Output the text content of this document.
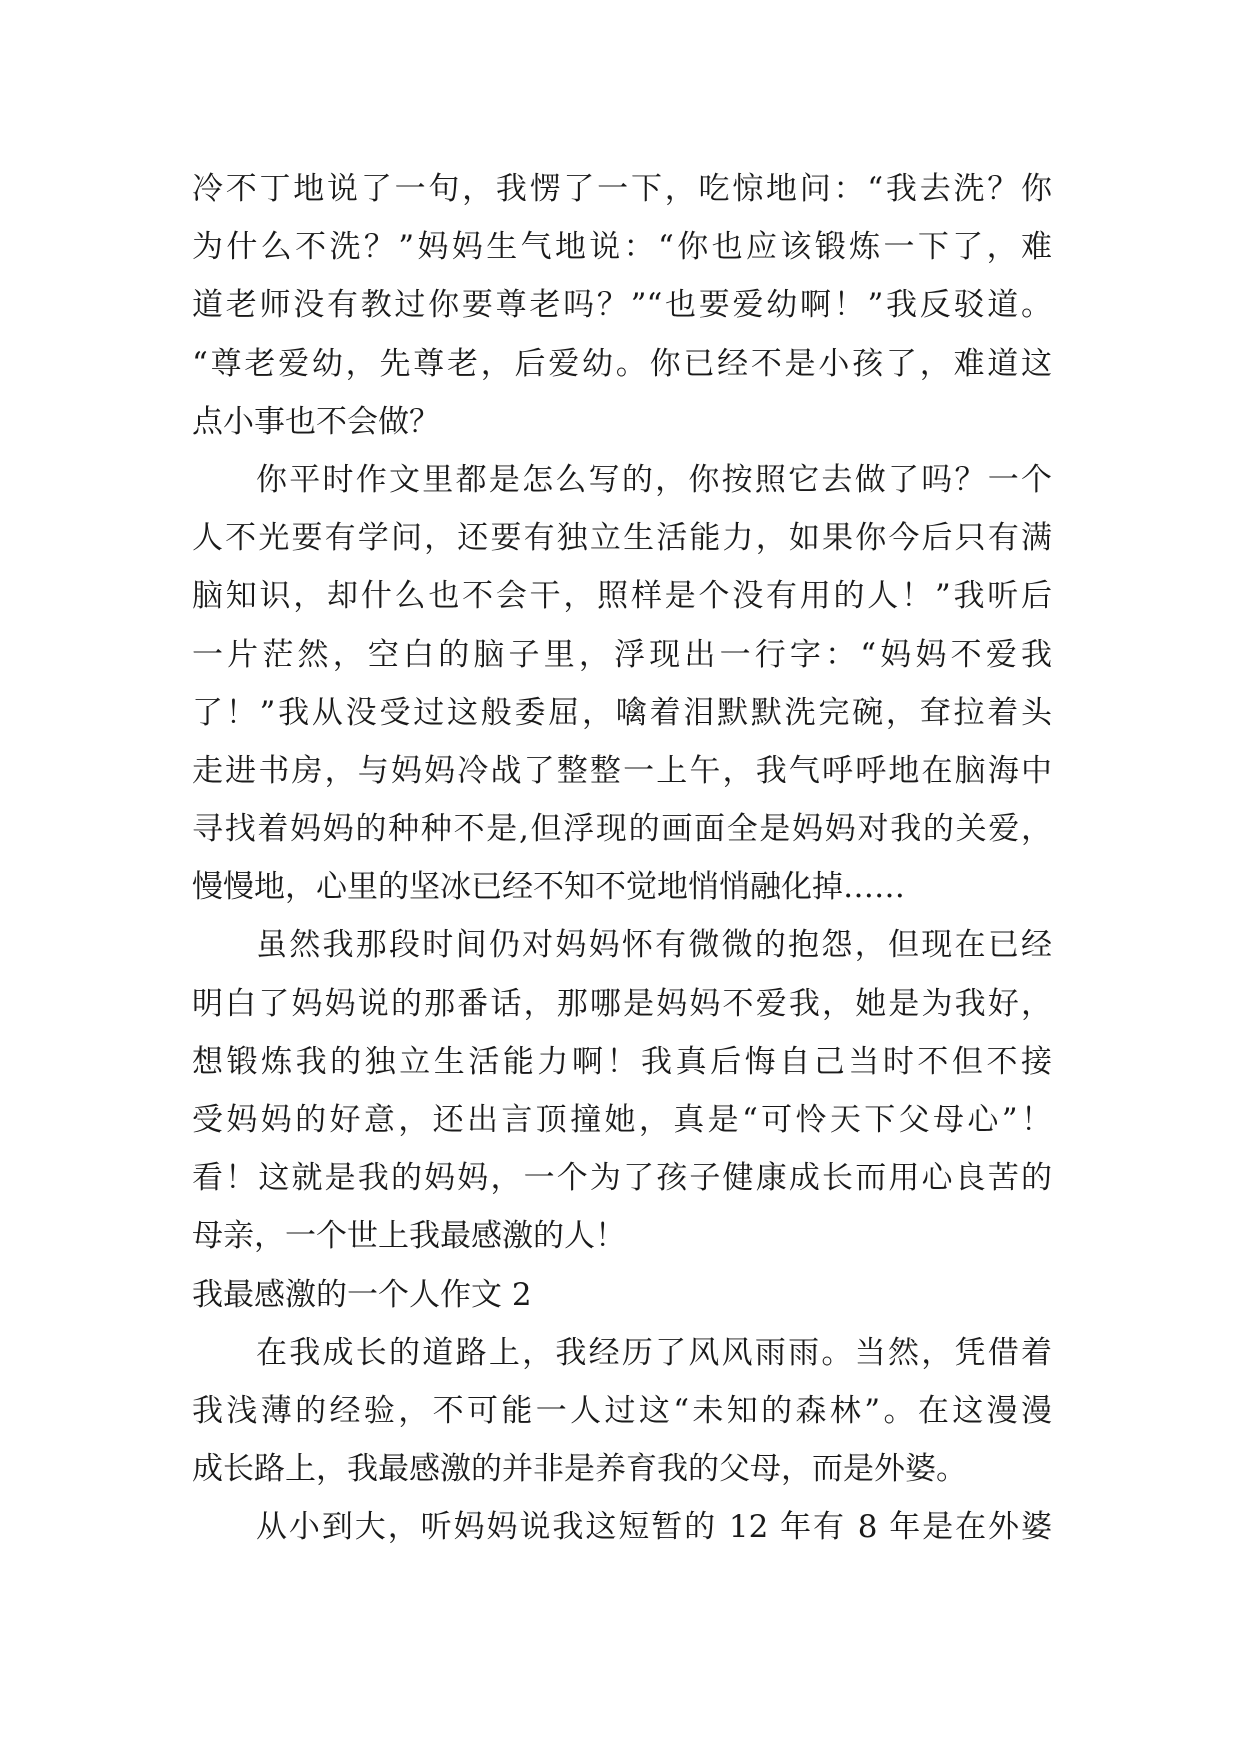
冷不丁地说了一句，我愣了一下，吃惊地问：“我去洗？你
为什么不洗？”妈妈生气地说：“你也应该锻炼一下了，难
道老师没有教过你要尊老吗？”“也要爱幼啊！”我反驳道。
“尊老爱幼，先尊老，后爱幼。你已经不是小孩了，难道这
点小事也不会做？
你平时作文里都是怎么写的，你按照它去做了吗？一个
人不光要有学问，还要有独立生活能力，如果你今后只有满
脑知识，却什么也不会干，照样是个没有用的人！”我听后
一片茫然，空白的脑子里，浮现出一行字：“妈妈不爱我
了！”我从没受过这般委屈，噙着泪默默洗完碗，耷拉着头
走进书房，与妈妈冷战了整整一上午，我气呼呼地在脑海中
寻找着妈妈的种种不是,但浮现的画面全是妈妈对我的关爱，
慢慢地，心里的坚冰已经不知不觉地悄悄融化掉……
虽然我那段时间仍对妈妈怀有微微的抱怨，但现在已经
明白了妈妈说的那番话，那哪是妈妈不爱我，她是为我好，
想锻炼我的独立生活能力啊！我真后悔自己当时不但不接
受妈妈的好意，还出言顶撞她，真是“可怜天下父母心”！
看！这就是我的妈妈，一个为了孩子健康成长而用心良苦的
母亲，一个世上我最感激的人！
我最感激的一个人作文 2
在我成长的道路上，我经历了风风雨雨。当然，凭借着
我浅薄的经验，不可能一人过这“未知的森林”。在这漫漫
成长路上，我最感激的并非是养育我的父母，而是外婆。
从小到大，听妈妈说我这短暂的 12 年有 8 年是在外婆
